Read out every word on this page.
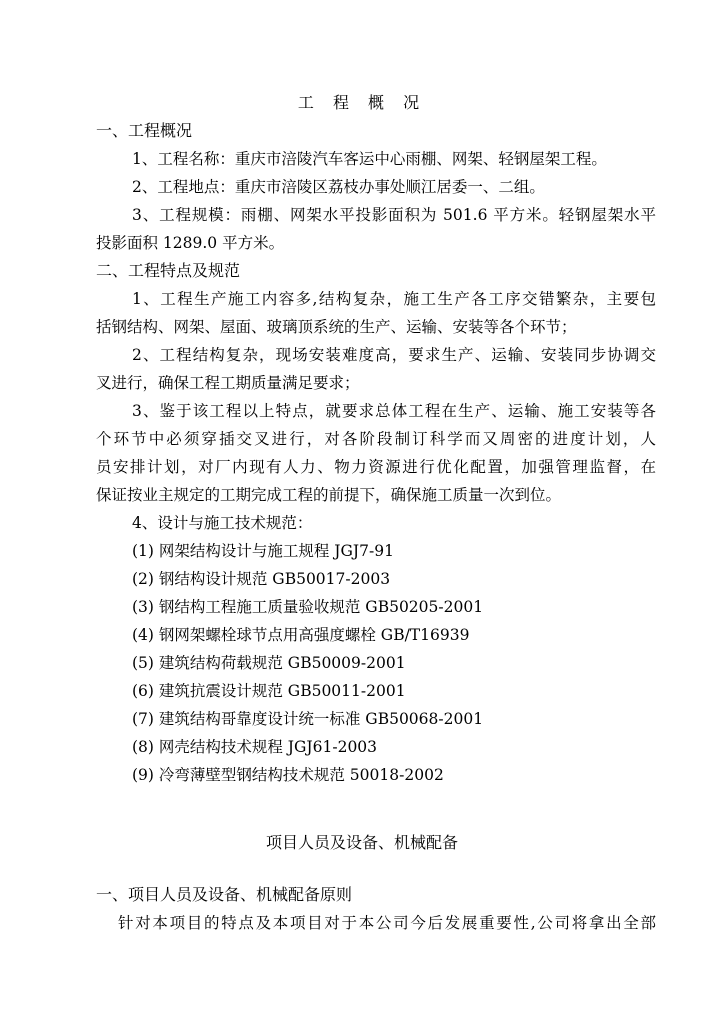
工 程 概 况
一、工程概况
1、工程名称：重庆市涪陵汽车客运中心雨棚、网架、轻钢屋架工程。
2、工程地点：重庆市涪陵区荔枝办事处顺江居委一、二组。
3、工程规模：雨棚、网架水平投影面积为 501.6 平方米。轻钢屋架水平
投影面积 1289.0 平方米。
二、工程特点及规范
1、工程生产施工内容多,结构复杂，施工生产各工序交错繁杂，主要包
括钢结构、网架、屋面、玻璃顶系统的生产、运输、安装等各个环节；
2、工程结构复杂，现场安装难度高，要求生产、运输、安装同步协调交
叉进行，确保工程工期质量满足要求；
3、鉴于该工程以上特点，就要求总体工程在生产、运输、施工安装等各
个环节中必须穿插交叉进行，对各阶段制订科学而又周密的进度计划，人
员安排计划，对厂内现有人力、物力资源进行优化配置，加强管理监督，在
保证按业主规定的工期完成工程的前提下，确保施工质量一次到位。
4、设计与施工技术规范：
(1) 网架结构设计与施工规程 JGJ7-91
(2) 钢结构设计规范 GB50017-2003
(3) 钢结构工程施工质量验收规范 GB50205-2001
(4) 钢网架螺栓球节点用高强度螺栓 GB/T16939
(5) 建筑结构荷载规范 GB50009-2001
(6) 建筑抗震设计规范 GB50011-2001
(7) 建筑结构哥靠度设计统一标准 GB50068-2001
(8) 网壳结构技术规程 JGJ61-2003
(9) 冷弯薄壁型钢结构技术规范 50018-2002
项目人员及设备、机械配备
一、项目人员及设备、机械配备原则
针对本项目的特点及本项目对于本公司今后发展重要性,公司将拿出全部
